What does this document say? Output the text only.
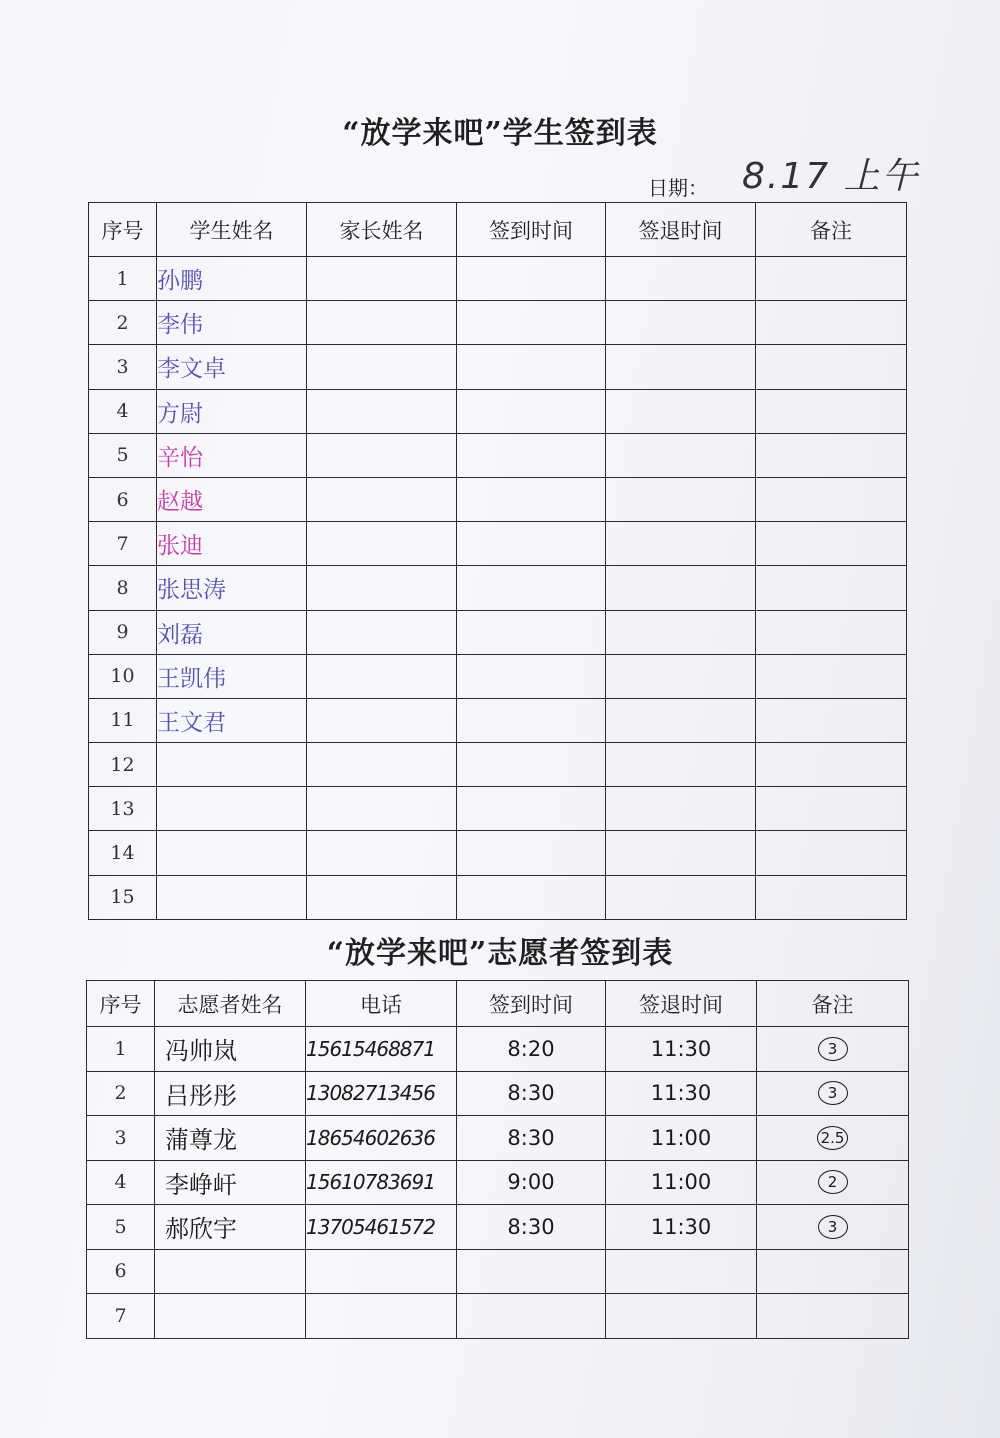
“放学来吧”学生签到表
日期： 8.17 上午
序号	学生姓名	家长姓名	签到时间	签退时间	备注
1	孙鹏				
2	李伟				
3	李文卓				
4	方尉				
5	辛怡				
6	赵越				
7	张迪				
8	张思涛				
9	刘磊				
10	王凯伟				
11	王文君				
12					
13					
14					
15					
“放学来吧”志愿者签到表
序号	志愿者姓名	电话	签到时间	签退时间	备注
1	冯帅岚	15615468871	8:20	11:30	3
2	吕彤彤	13082713456	8:30	11:30	3
3	蒲尊龙	18654602636	8:30	11:00	2.5
4	李峥屽	15610783691	9:00	11:00	2
5	郝欣宇	13705461572	8:30	11:30	3
6					
7					
